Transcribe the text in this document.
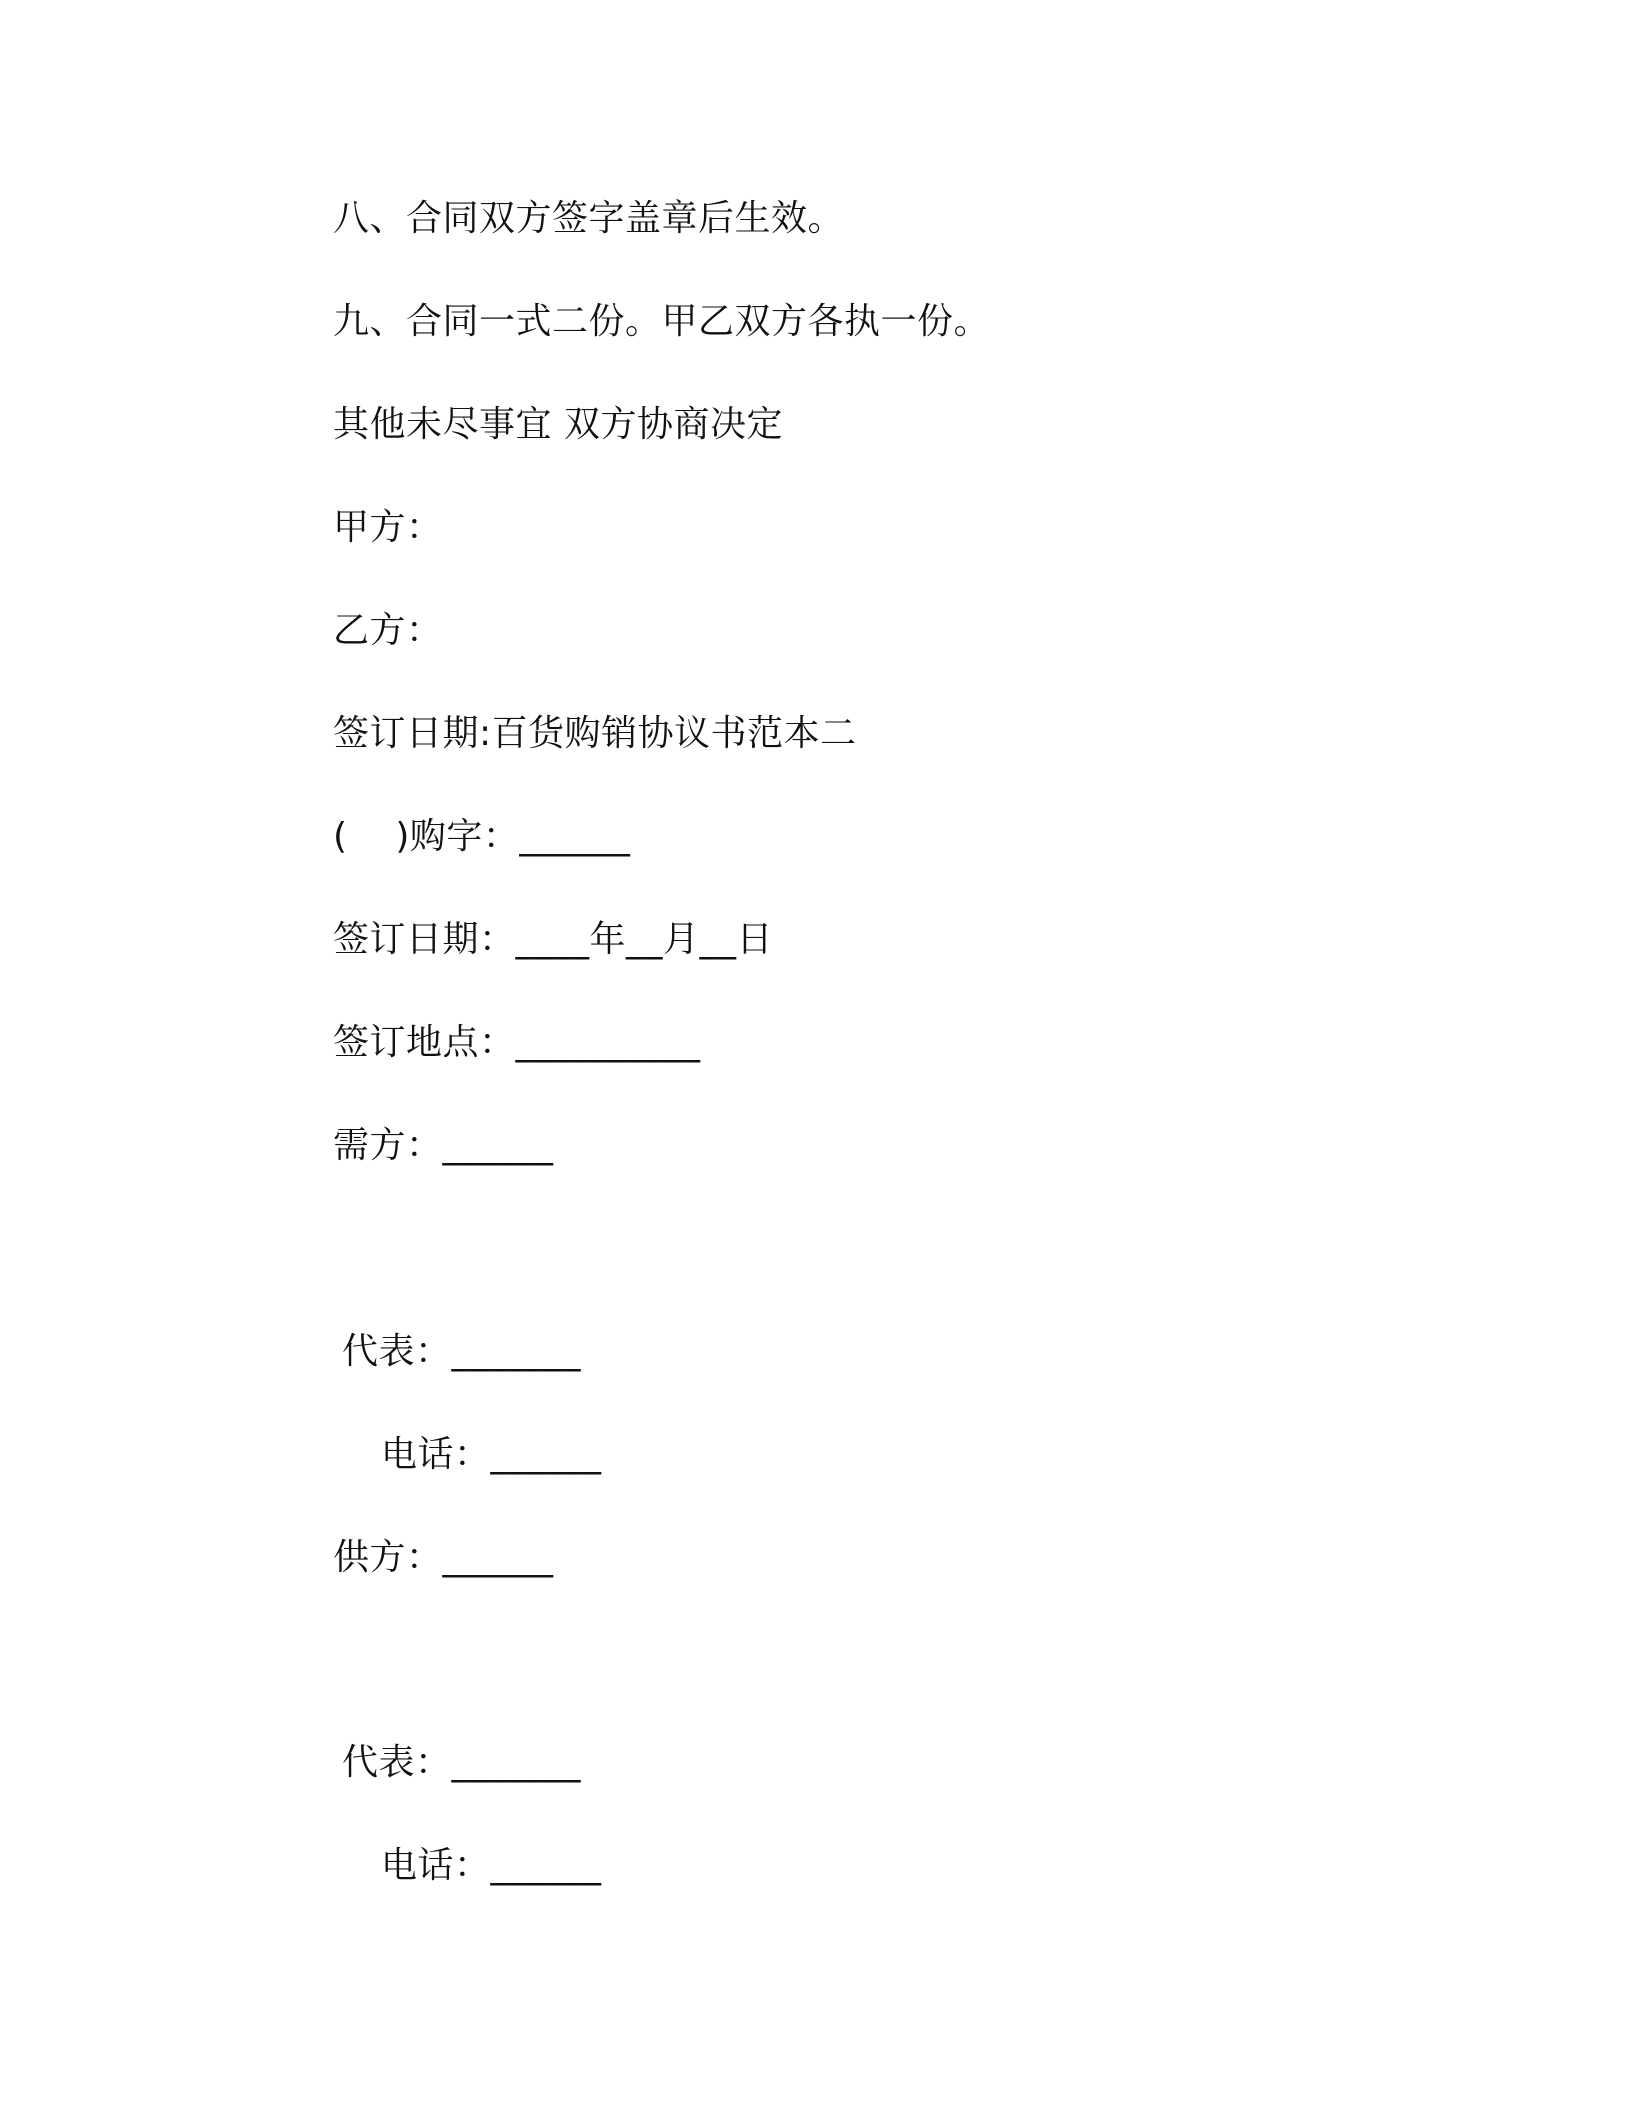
八、合同双方签字盖章后生效。
九、合同一式二份。甲乙双方各执一份。
其他未尽事宜 双方协商决定
甲方：
乙方：
签订日期:百货购销协议书范本二
(    )购字：______
签订日期：____年__月__日
签订地点：__________
需方：______
代表：_______
电话：______
供方：______
代表：_______
电话：______
